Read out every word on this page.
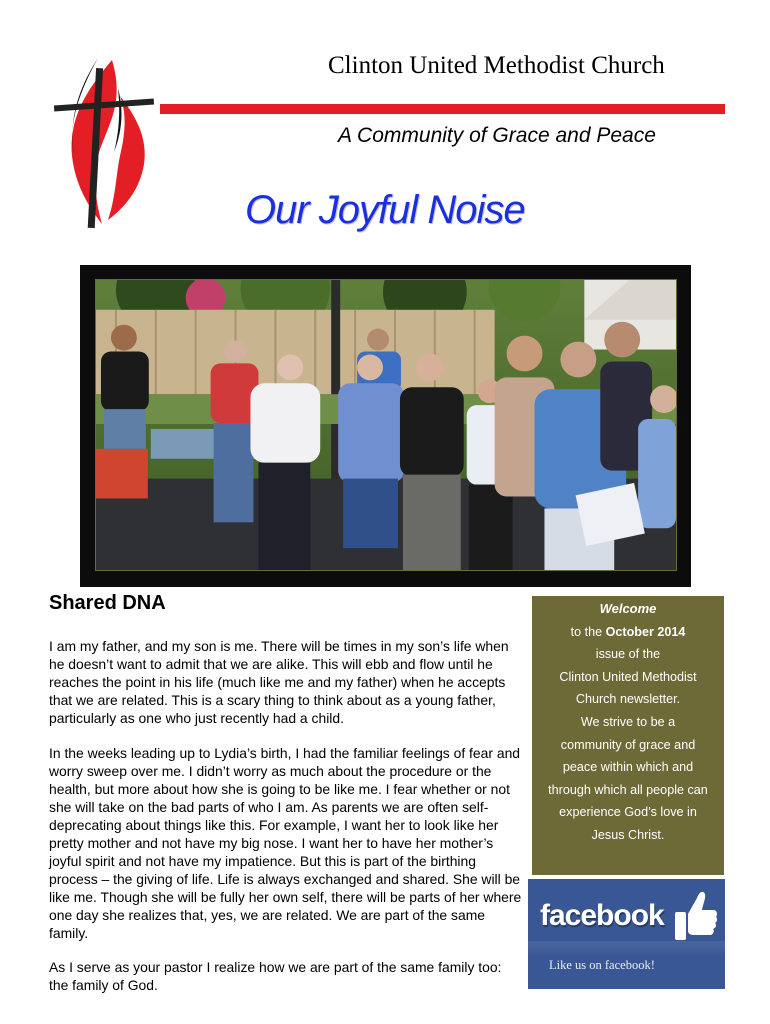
Clinton United Methodist Church
A Community of Grace and Peace
Our Joyful Noise
Shared DNA

I am my father, and my son is me. There will be times in my son’s life when he doesn’t want to admit that we are alike. This will ebb and flow until he reaches the point in his life (much like me and my father) when he accepts that we are related. This is a scary thing to think about as a young father, particularly as one who just recently had a child.

In the weeks leading up to Lydia’s birth, I had the familiar feelings of fear and worry sweep over me. I didn’t worry as much about the procedure or the health, but more about how she is going to be like me. I fear whether or not she will take on the bad parts of who I am. As parents we are often self-deprecating about things like this. For example, I want her to look like her pretty mother and not have my big nose. I want her to have her mother’s joyful spirit and not have my impatience. But this is part of the birthing process – the giving of life. Life is always exchanged and shared. She will be like me. Though she will be fully her own self, there will be parts of her where one day she realizes that, yes, we are related. We are part of the same family.

As I serve as your pastor I realize how we are part of the same family too: the family of God.

Welcome
to the October 2014
issue of the
Clinton United Methodist
Church newsletter.
We strive to be a
community of grace and
peace within which and
through which all people can
experience God’s love in
Jesus Christ.
facebook
Like us on facebook!
